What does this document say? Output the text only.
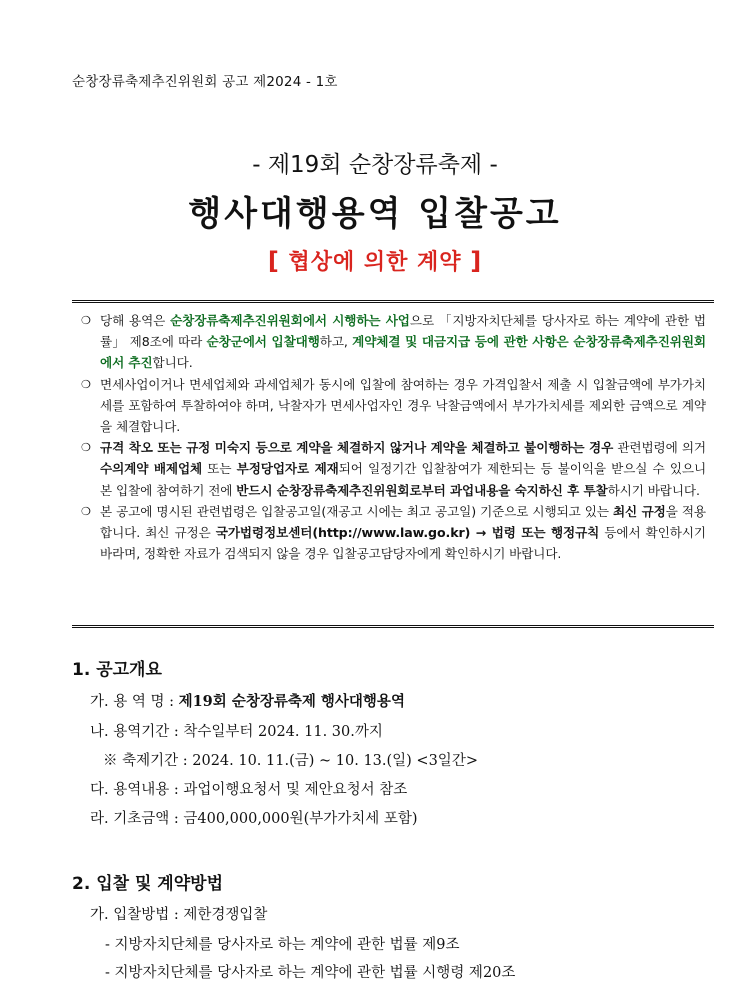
순창장류축제추진위원회 공고 제2024 - 1호
- 제19회 순창장류축제 -
행사대행용역 입찰공고
[ 협상에 의한 계약 ]
❍ 당해 용역은 순창장류축제추진위원회에서 시행하는 사업으로 「지방자치단체를 당사자로 하는 계약에 관한 법률」 제8조에 따라 순창군에서 입찰대행하고, 계약체결 및 대금지급 등에 관한 사항은 순창장류축제추진위원회에서 추진합니다.
❍ 면세사업이거나 면세업체와 과세업체가 동시에 입찰에 참여하는 경우 가격입찰서 제출 시 입찰금액에 부가가치세를 포함하여 투찰하여야 하며, 낙찰자가 면세사업자인 경우 낙찰금액에서 부가가치세를 제외한 금액으로 계약을 체결합니다.
❍ 규격 착오 또는 규정 미숙지 등으로 계약을 체결하지 않거나 계약을 체결하고 불이행하는 경우 관련법령에 의거 수의계약 배제업체 또는 부정당업자로 제재되어 일정기간 입찰참여가 제한되는 등 불이익을 받으실 수 있으니 본 입찰에 참여하기 전에 반드시 순창장류축제추진위원회로부터 과업내용을 숙지하신 후 투찰하시기 바랍니다.
❍ 본 공고에 명시된 관련법령은 입찰공고일(재공고 시에는 최고 공고일) 기준으로 시행되고 있는 최신 규정을 적용합니다. 최신 규정은 국가법령정보센터(http://www.law.go.kr) → 법령 또는 행정규칙 등에서 확인하시기 바라며, 정확한 자료가 검색되지 않을 경우 입찰공고담당자에게 확인하시기 바랍니다.
1. 공고개요
가. 용 역 명 : 제19회 순창장류축제 행사대행용역
나. 용역기간 : 착수일부터 2024. 11. 30.까지
※ 축제기간 : 2024. 10. 11.(금) ~ 10. 13.(일) <3일간>
다. 용역내용 : 과업이행요청서 및 제안요청서 참조
라. 기초금액 : 금400,000,000원(부가가치세 포함)
2. 입찰 및 계약방법
가. 입찰방법 : 제한경쟁입찰
- 지방자치단체를 당사자로 하는 계약에 관한 법률 제9조
- 지방자치단체를 당사자로 하는 계약에 관한 법률 시행령 제20조
